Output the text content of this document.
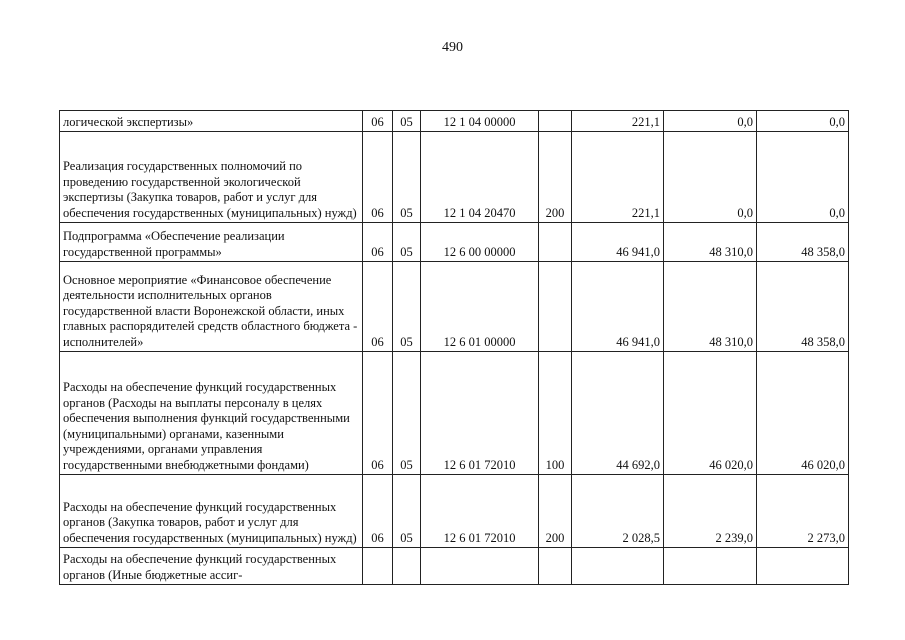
490
логической экспертизы»	06	05	12 1 04 00000		221,1	0,0	0,0
Реализация государственных полномочий по проведению государственной экологической экспертизы (Закупка товаров, работ и услуг для обеспечения государственных (муниципальных) нужд)	06	05	12 1 04 20470	200	221,1	0,0	0,0
Подпрограмма «Обеспечение реализации государственной программы»	06	05	12 6 00 00000		46 941,0	48 310,0	48 358,0
Основное мероприятие «Финансовое обеспечение деятельности исполнительных органов государственной власти Воронежской области, иных главных распорядителей средств областного бюджета - исполнителей»	06	05	12 6 01 00000		46 941,0	48 310,0	48 358,0
Расходы на обеспечение функций государственных органов (Расходы на выплаты персоналу в целях обеспечения выполнения функций государственными (муниципальными) органами, казенными учреждениями, органами управления государственными внебюджетными фондами)	06	05	12 6 01 72010	100	44 692,0	46 020,0	46 020,0
Расходы на обеспечение функций государственных органов (Закупка товаров, работ и услуг для обеспечения государственных (муниципальных) нужд)	06	05	12 6 01 72010	200	2 028,5	2 239,0	2 273,0
Расходы на обеспечение функций государственных органов (Иные бюджетные ассиг-							
